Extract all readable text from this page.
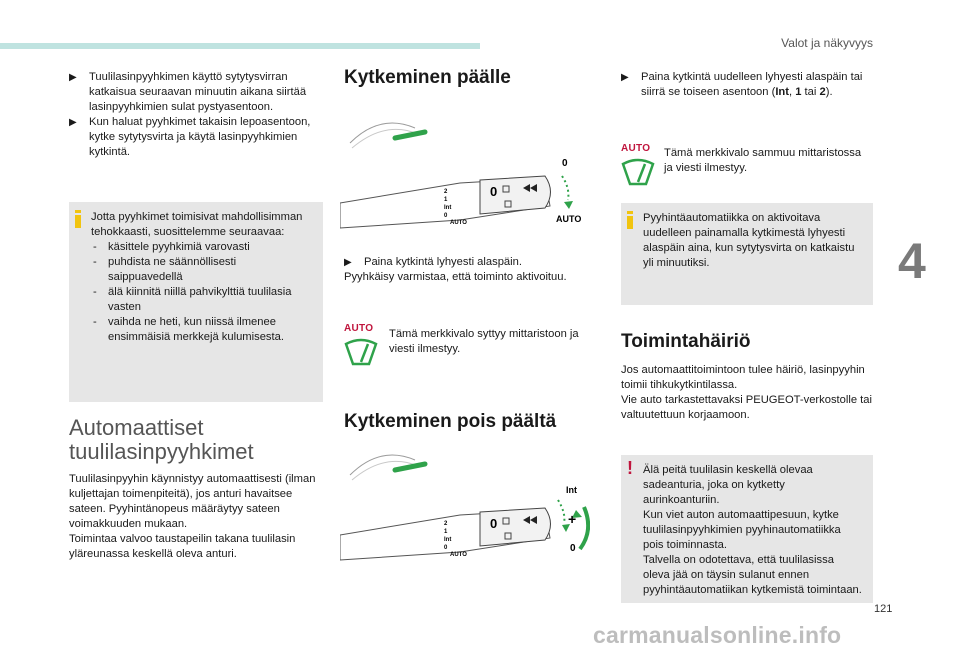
Valot ja näkyvyys
▶ Tuulilasinpyyhkimen käyttö sytytysvirran katkaisua seuraavan minuutin aikana siirtää lasinpyyhkimien sulat pystyasentoon.
▶ Kun haluat pyyhkimet takaisin lepoasentoon, kytke sytytysvirta ja käytä lasinpyyhkimien kytkintä.
Jotta pyyhkimet toimisivat mahdollisimman tehokkaasti, suosittelemme seuraavaa:
- käsittele pyyhkimiä varovasti
- puhdista ne säännöllisesti saippuavedellä
- älä kiinnitä niillä pahvikylttiä tuulilasia vasten
- vaihda ne heti, kun niissä ilmenee ensimmäisiä merkkejä kulumisesta.
Automaattiset tuulilasinpyyhkimet
Tuulilasinpyyhin käynnistyy automaattisesti (ilman kuljettajan toimenpiteitä), jos anturi havaitsee sateen. Pyyhintänopeus määräytyy sateen voimakkuuden mukaan.
Toimintaa valvoo taustapeilin takana tuulilasin yläreunassa keskellä oleva anturi.
Kytkeminen päälle
2
1
Int
0
AUTO
0
0
AUTO
▶ Paina kytkintä lyhyesti alaspäin.
Pyyhkäisy varmistaa, että toiminto aktivoituu.
AUTO	Tämä merkkivalo syttyy mittaristoon ja viesti ilmestyy.
Kytkeminen pois päältä
2
1
Int
0
AUTO
0	+
Int
0
▶ Paina kytkintä uudelleen lyhyesti alaspäin tai siirrä se toiseen asentoon (Int, 1 tai 2).
AUTO	Tämä merkkivalo sammuu mittaristossa ja viesti ilmestyy.
Pyyhintäautomatiikka on aktivoitava uudelleen painamalla kytkimestä lyhyesti alaspäin aina, kun sytytysvirta on katkaistu yli minuutiksi.
Toimintahäiriö
Jos automaattitoimintoon tulee häiriö, lasinpyyhin toimii tihkukytkintilassa.
Vie auto tarkastettavaksi PEUGEOT-verkostolle tai valtuutettuun korjaamoon.
! Älä peitä tuulilasin keskellä olevaa sadeanturia, joka on kytketty aurinkoanturiin.
Kun viet auton automaattipesuun, kytke tuulilasinpyyhkimien pyyhinautomatiikka pois toiminnasta.
Talvella on odotettava, että tuulilasissa oleva jää on täysin sulanut ennen pyyhintäautomatiikan kytkemistä toimintaan.
4
121
carmanualsonline.info
